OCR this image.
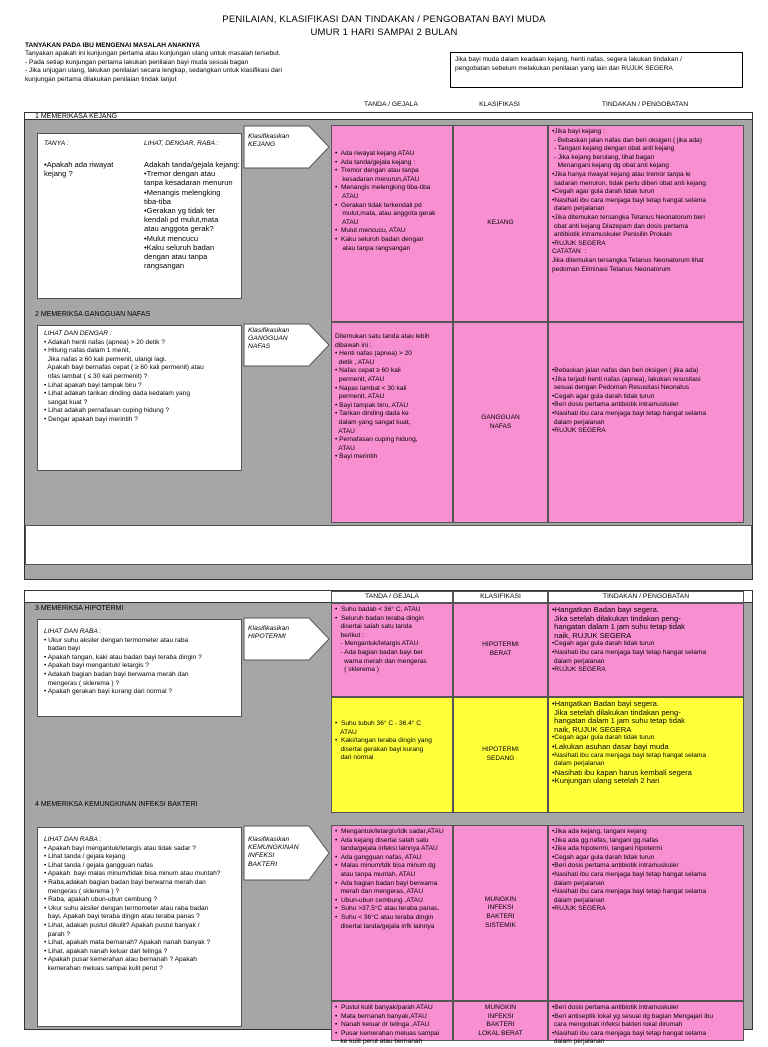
PENILAIAN, KLASIFIKASI DAN TINDAKAN / PENGOBATAN BAYI MUDA
UMUR 1 HARI SAMPAI 2 BULAN
TANYAKAN PADA IBU MENGENAI MASALAH ANAKNYA
Tanyakan apakah ini kunjungan pertama atau kunjungan ulang untuk masalah tersebut.
- Pada setiap kunjungan pertama lakukan penilaian bayi muda sesuai bagan
- Jika unjugan ulang, lakukan penilaian secara lengkap, sedangkan untuk klasifikasi dari
kunjungan pertama dilakukan penilaian tindak lanjut
Jika bayi muda dalam keadaan kejang, henti nafas, segera lakukan tindakan /
pengobatan sebelum melakukan penilaian yang lain dan RUJUK SEGERA
TANDA / GEJALA	KLASIFIKASI	TINDAKAN / PENGOBATAN
1 MEMERIKASA KEJANG
TANYA :	LIHAT, DENGAR, RABA :
•Apakah ada riwayat
kejang ?
Adakah tanda/gejala kejang:
•Tremor dengan atau
tanpa kesadaran menurun
•Menangis melengking
tiba-tiba
•Gerakan yg tidak ter
kendali pd mulut,mata
atau anggota gerak?
•Mulut mencucu
•Kaku seluruh badan
dengan atau tanpa
rangsangan
Klasifikasikan
KEJANG
•  Ada riwayat kejang ATAU
•  Ada tanda/gejala kejang :
•  Tremor dengan atau tanpa
kesadaran menurun,ATAU
•  Menangis melengking tiba-tiba
ATAU
•  Gerakan tidak terkendali pd
mulut,mata, atau anggota gerak
ATAU
•  Mulut mencucu, ATAU
•  Kaku seluruh badan dengan
atau tanpa rangsangan
KEJANG
•Jika bayi kejang :
- Bebaskan jalan nafas dan beri oksigen ( jika ada)
- Tangani kejang dengan obat anti kejang
- Jika kejang berulang, lihat bagan
Menangani kejang dg obat anti kejang
•Jika hanya riwayat kejang atau tremor tanpa le
sadaran menurun, tidak perlu diberi obat anti kejang
•Cegah agar gula darah tidak turun
•Nasihati ibu cara menjaga bayi tetap hangat selama
dalam perjalanan
•Jika ditemukan tersangka Tetanus Neonatorum beri
obat anti kejang Diazepam dan dosis pertama
antibiotik intramuskuler Penisilin Prokain
•RUJUK SEGERA
CATATAN  :
Jika ditemukan tersangka Tetanus Neonatorum lihat
pedoman Eliminasi Tetanus Neonatorum
2 MEMERIKSA GANGGUAN NAFAS
LIHAT DAN DENGAR :
• Adakah henti nafas (apnea) > 20 detik ?
• Hitung nafas dalam 1 menit,
Jika nafas ≥ 60 kali permenit, ulangi lagi.
Apakah bayi bernafas cepat ( ≥ 60 kali permenit) atau
nfas lambat ( ≤ 30 kali permenit) ?
• Lihat apakah bayi tampak biru ?
• Lihat adakah tarikan dinding dada kedalam yang
sangat kuat ?
• Lihat adakah pernafasan cuping hidung ?
• Dengar apakah bayi merintih ?
Klasifikasikan
GANGGUAN
NAFAS
Ditemukan satu tanda atau lebih
dibawah ini :
• Henti nafas (apnea) > 20
detik , ATAU
• Nafas cepat ≥ 60 kali
permenit, ATAU
• Napas lambat < 30 kali
permenit, ATAU
• Bayi tampak biru, ATAU
• Tarikan dinding dada ke
dalam yang sangat kuat,
ATAU
• Pernafasan cuping hidung,
ATAU
• Bayi merintih
GANGGUAN
NAFAS
•Bebaskan jalan nafas dan beri oksigen ( jika ada)
•Jika terjadi henti nafas (apnea), lakukan resusitasi
sesuai dengan Pedoman Resusitasi Neonatus
•Cegah agar gula darah tidak turun
•Beri dosis pertama antibiotik intramuskuler
•Nasihati ibu cara menjaga bayi tetap hangat selama
dalam perjalanan
•RUJUK SEGERA
TANDA / GEJALA	KLASIFIKASI	TINDAKAN / PENGOBATAN
3 MEMERIKSA HIPOTERMI
LIHAT DAN RABA :
• Ukur suhu aksiler dengan termometer atau raba
badan bayi
• Apakah tangan, kaki atau badan bayi teraba dingin ?
• Apakah bayi mengantuk/ letargis ?
• Adakah bagian badan bayi berwarna merah dan
mengeras ( sklerema ) ?
• Apakah gerakan bayi kurang dari normal ?
Klasifikasikan
HIPOTERMI
•  Suhu badab < 36° C, ATAU
•  Seluruh badan teraba dingin
disertai salah satu tanda
berikut :
- Mengantuk/letargis ATAU
- Ada bagian badan bayi ber
warna merah dan mengeras
( sklerema )
HIPOTERMI
BERAT
•Hangatkan Badan bayi segera.
Jika setelah dilakukan tindakan peng-
hangatan dalam 1 jam suhu tetap tidak
naik, RUJUK SEGERA
•Cegah agar gula darah tidak turun
•Nasihati ibu cara menjaga bayi tetap hangat selama
dalam perjalanan
•RUJUK SEGERA
•  Suhu tubuh 36° C - 36.4° C
ATAU
•  Kaki/tangan teraba dingin yang
disertai gerakan bayi kurang
dari normal
HIPOTERMI
SEDANG
•Hangatkan Badan bayi segera.
Jika setelah dilakukan tindakan peng-
hangatan dalam 1 jam suhu tetap tidak
naik, RUJUK SEGERA
•Cegah agar gula darah tidak turun
•Lakukan asuhan dasar bayi muda
•Nasihati ibu cara menjaga bayi tetap hangat selama
dalam perjalanan
•Nasihati ibu kapan harus kembali segera
•Kunjungan ulang setelah 2 hari
4 MEMERIKSA KEMUNGKINAN INFEKSI BAKTERI
LIHAT DAN RABA :
• Apakah bayi mengantuk/letargis atau tidak sadar ?
• Lihat tanda / gejala kejang
• Lihat tanda / gejala gangguan nafas
• Apakah  bayi malas minum/tidak bisa minum atau muntah?
• Raba,adakah bagian badan bayi berwarna merah dan
mengeras ( sklerema ) ?
• Raba, apakah ubun-ubun cembung ?
• Ukur suhu aksiler dengan termometer atau raba badan
bayi. Apakah bayi teraba dingin atau teraba panas ?
• Lihat, adakah pustul dikulit? Apakah pustul banyak /
parah ?
• Lihat, apakah mata bernanah? Apakah nanah banyak ?
• Lihat, apakah nanah keluar dari telinga ?
• Apakah pusar kemerahan atau bernanah ? Apakah
kemerahan meluas sampai kulit perut ?
Klasifikasikan
KEMUNGKINAN
INFEKSI
BAKTERI
•  Mengantuk/letargis/tdk sadar,ATAU
•  Ada kejang disertai salah satu
tanda/gejala infeksi lainnya ATAU
•  Ada gangguan nafas, ATAU
•  Malas minum/tdk bisa minum dg
atau tanpa muntah, ATAU
•  Ada bagian badan bayi berwarna
merah dan mengeras, ATAU
•  Ubun-ubun cembung ,ATAU
•  Suhu >37.5°C atau teraba panas,
•  Suhu < 36°C atau teraba dingin
disertai tanda/gejala infk lainnya
MUNGKIN
INFEKSI
BAKTERI
SISTEMIK
•Jika ada kejang, tangani kejang
•Jika ada gg.nafas, tangani gg.nafas
•Jika ada hipotermi, tangani hipotermi
•Cegah agar gula darah tidak turun
•Beri dosis pertama antibiotik intramuskuler
•Nasihati ibu cara menjaga bayi tetap hangat selama
dalam perjalanan
•Nasihati ibu cara menjaga bayi tetap hangat selama
dalam perjalanan
•RUJUK SEGERA
•  Pustul kulit banyak/parah ATAU
•  Mata bernanah banyak,ATAU
•  Nanah keluar dr telinga ,ATAU
•  Pusar kemerahan meluas sampai
ke kulit perut atau bernanah
MUNGKIN
INFEKSI
BAKTERI
LOKAL BERAT
•Beri dosis pertama antibiotik intramuskuler
•Beri antiseptik lokal yg sesuai dg bagian Mengajari ibu
cara mengobati infeksi bakteri lokal dirumah
•Nasihati ibu cara menjaga bayi tetap hangat selama
dalam perjalanan
